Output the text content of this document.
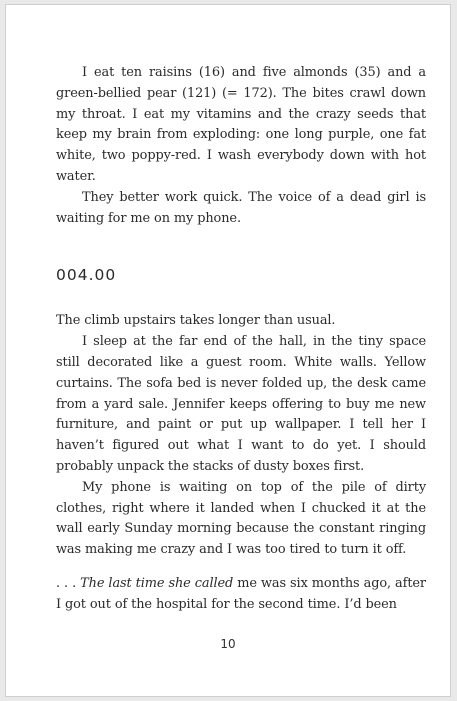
I eat ten raisins (16) and five almonds (35) and a green-bellied pear (121) (= 172). The bites crawl down my throat. I eat my vitamins and the crazy seeds that keep my brain from exploding: one long purple, one fat white, two poppy-red. I wash everybody down with hot water.

They better work quick. The voice of a dead girl is waiting for me on my phone.

004.00

The climb upstairs takes longer than usual.

I sleep at the far end of the hall, in the tiny space still decorated like a guest room. White walls. Yellow curtains. The sofa bed is never folded up, the desk came from a yard sale. Jennifer keeps offering to buy me new furniture, and paint or put up wallpaper. I tell her I haven’t figured out what I want to do yet. I should probably unpack the stacks of dusty boxes first.

My phone is waiting on top of the pile of dirty clothes, right where it landed when I chucked it at the wall early Sunday morning because the constant ringing was making me crazy and I was too tired to turn it off.

. . . The last time she called me was six months ago, after I got out of the hospital for the second time. I’d been

10
